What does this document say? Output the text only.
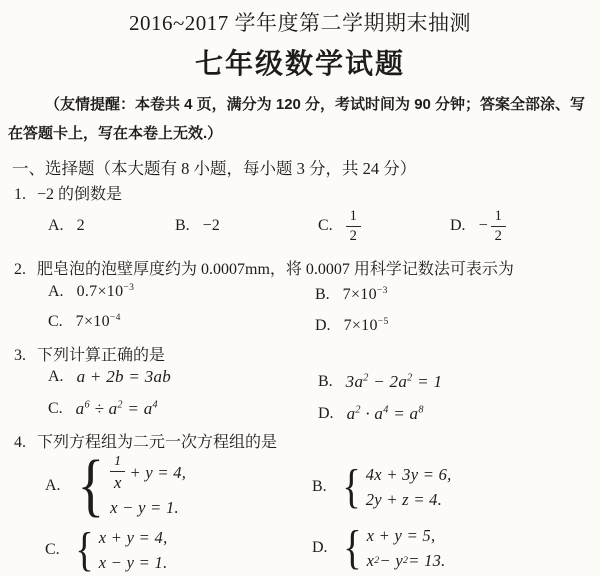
2016~2017 学年度第二学期期末抽测
七年级数学试题
（友情提醒：本卷共 4 页，满分为 120 分，考试时间为 90 分钟；答案全部涂、写在答题卡上，写在本卷上无效.）
一、选择题（本大题有 8 小题，每小题 3 分，共 24 分）
1. −2 的倒数是
A. 2	B. −2	C. $\frac{1}{2}$	D. − $\frac{1}{2}$
2. 肥皂泡的泡壁厚度约为 0.0007mm，将 0.0007 用科学记数法可表示为
A. $0.7\times 10^{-3}$	B. $7\times 10^{-3}$
C. $7\times 10^{-4}$	D. $7\times 10^{-5}$
3. 下列计算正确的是
A. a + 2b = 3ab	B. $3a^2 - 2a^2 = 1$
C. $a^6 \div a^2 = a^4$	D. $a^2 \cdot a^4 = a^8$
4. 下列方程组为二元一次方程组的是
A. { $\frac{1}{x} + y = 4$,
x − y = 1.
B. { 4x + 3y = 6,
2y + z = 4.
C. { x + y = 4,
x − y = 1.
D. { x + y = 5,
x 2 − y 2 = 13.
